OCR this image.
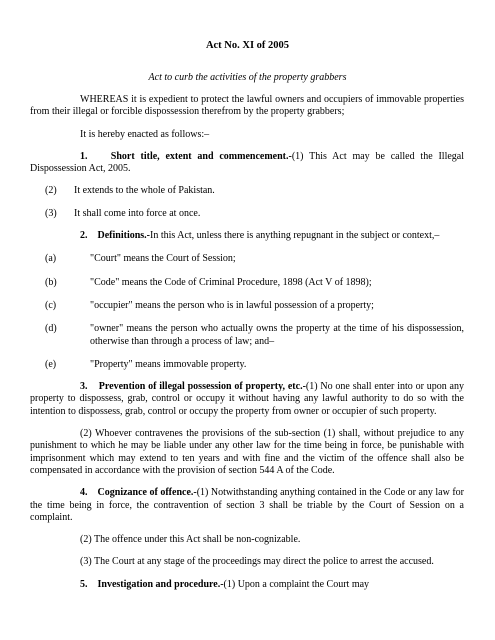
Act No. XI of 2005
Act to curb the activities of the property grabbers

WHEREAS it is expedient to protect the lawful owners and occupiers of immovable properties from their illegal or forcible dispossession therefrom by the property grabbers;

It is hereby enacted as follows:–

1. Short title, extent and commencement.-(1) This Act may be called the Illegal Dispossession Act, 2005.

(2)	It extends to the whole of Pakistan.
(3)	It shall come into force at once.

2. Definitions.-In this Act, unless there is anything repugnant in the subject or context,–

(a)	"Court" means the Court of Session;
(b)	"Code" means the Code of Criminal Procedure, 1898 (Act V of 1898);
(c)	"occupier" means the person who is in lawful possession of a property;
(d)	"owner" means the person who actually owns the property at the time of his dispossession, otherwise than through a process of law; and–
(e)	"Property" means immovable property.

3. Prevention of illegal possession of property, etc.-(1) No one shall enter into or upon any property to dispossess, grab, control or occupy it without having any lawful authority to do so with the intention to dispossess, grab, control or occupy the property from owner or occupier of such property.

(2) Whoever contravenes the provisions of the sub-section (1) shall, without prejudice to any punishment to which he may be liable under any other law for the time being in force, be punishable with imprisonment which may extend to ten years and with fine and the victim of the offence shall also be compensated in accordance with the provision of section 544 A of the Code.

4. Cognizance of offence.-(1) Notwithstanding anything contained in the Code or any law for the time being in force, the contravention of section 3 shall be triable by the Court of Session on a complaint.

(2) The offence under this Act shall be non-cognizable.

(3) The Court at any stage of the proceedings may direct the police to arrest the accused.

5. Investigation and procedure.-(1) Upon a complaint the Court may
